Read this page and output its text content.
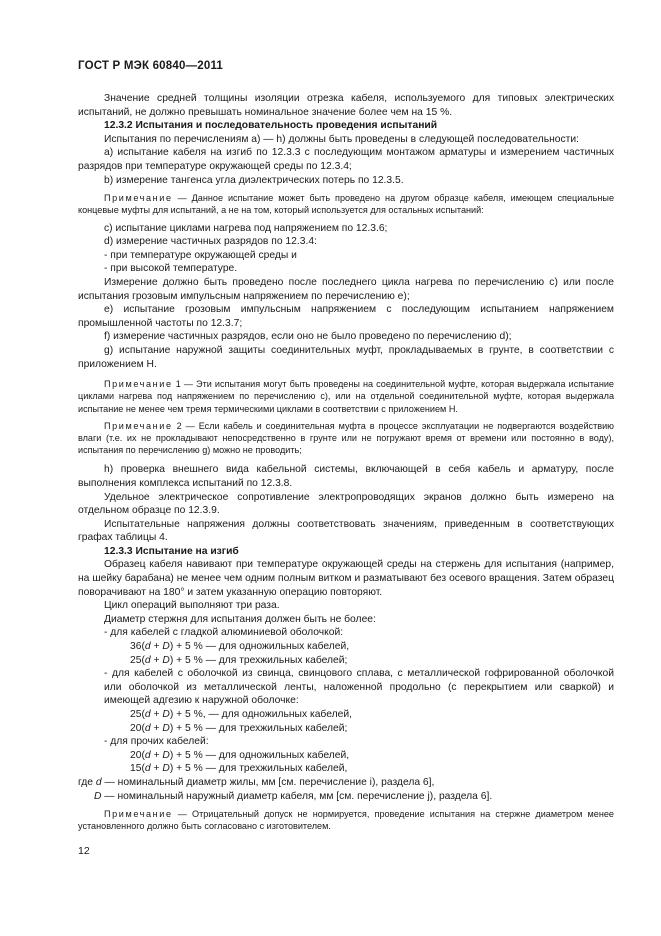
ГОСТ Р МЭК 60840—2011

Значение средней толщины изоляции отрезка кабеля, используемого для типовых электрических испытаний, не должно превышать номинальное значение более чем на 15 %.

12.3.2 Испытания и последовательность проведения испытаний

Испытания по перечислениям а) — h) должны быть проведены в следующей последовательности:

а) испытание кабеля на изгиб по 12.3.3 с последующим монтажом арматуры и измерением частичных разрядов при температуре окружающей среды по 12.3.4;

b) измерение тангенса угла диэлектрических потерь по 12.3.5.

Примечание — Данное испытание может быть проведено на другом образце кабеля, имеющем специальные концевые муфты для испытаний, а не на том, который используется для остальных испытаний:

c) испытание циклами нагрева под напряжением по 12.3.6;

d) измерение частичных разрядов по 12.3.4:

- при температуре окружающей среды и

- при высокой температуре.

Измерение должно быть проведено после последнего цикла нагрева по перечислению c) или после испытания грозовым импульсным напряжением по перечислению e);

e) испытание грозовым импульсным напряжением с последующим испытанием напряжением промышленной частоты по 12.3.7;

f) измерение частичных разрядов, если оно не было проведено по перечислению d);

g) испытание наружной защиты соединительных муфт, прокладываемых в грунте, в соответствии с приложением H.

Примечание 1 — Эти испытания могут быть проведены на соединительной муфте, которая выдержала испытание циклами нагрева под напряжением по перечислению c), или на отдельной соединительной муфте, которая выдержала испытание не менее чем тремя термическими циклами в соответствии с приложением H.

Примечание 2 — Если кабель и соединительная муфта в процессе эксплуатации не подвергаются воздействию влаги (т.е. их не прокладывают непосредственно в грунте или не погружают время от времени или постоянно в воду), испытания по перечислению g) можно не проводить;

h) проверка внешнего вида кабельной системы, включающей в себя кабель и арматуру, после выполнения комплекса испытаний по 12.3.8.

Удельное электрическое сопротивление электропроводящих экранов должно быть измерено на отдельном образце по 12.3.9.

Испытательные напряжения должны соответствовать значениям, приведенным в соответствующих графах таблицы 4.

12.3.3 Испытание на изгиб

Образец кабеля навивают при температуре окружающей среды на стержень для испытания (например, на шейку барабана) не менее чем одним полным витком и разматывают без осевого вращения. Затем образец поворачивают на 180° и затем указанную операцию повторяют.

Цикл операций выполняют три раза.

Диаметр стержня для испытания должен быть не более:

- для кабелей с гладкой алюминиевой оболочкой:

36(d + D) + 5 % — для одножильных кабелей,

25(d + D) + 5 % — для трехжильных кабелей;

- для кабелей с оболочкой из свинца, свинцового сплава, с металлической гофрированной оболочкой или оболочкой из металлической ленты, наложенной продольно (с перекрытием или сваркой) и имеющей адгезию к наружной оболочке:

25(d + D) + 5 %, — для одножильных кабелей,

20(d + D) + 5 % — для трехжильных кабелей;

- для прочих кабелей:

20(d + D) + 5 % — для одножильных кабелей,

15(d + D) + 5 % — для трехжильных кабелей,

где d — номинальный диаметр жилы, мм [см. перечисление i), раздела 6],

D — номинальный наружный диаметр кабеля, мм [см. перечисление j), раздела 6].

Примечание — Отрицательный допуск не нормируется, проведение испытания на стержне диаметром менее установленного должно быть согласовано с изготовителем.

12
